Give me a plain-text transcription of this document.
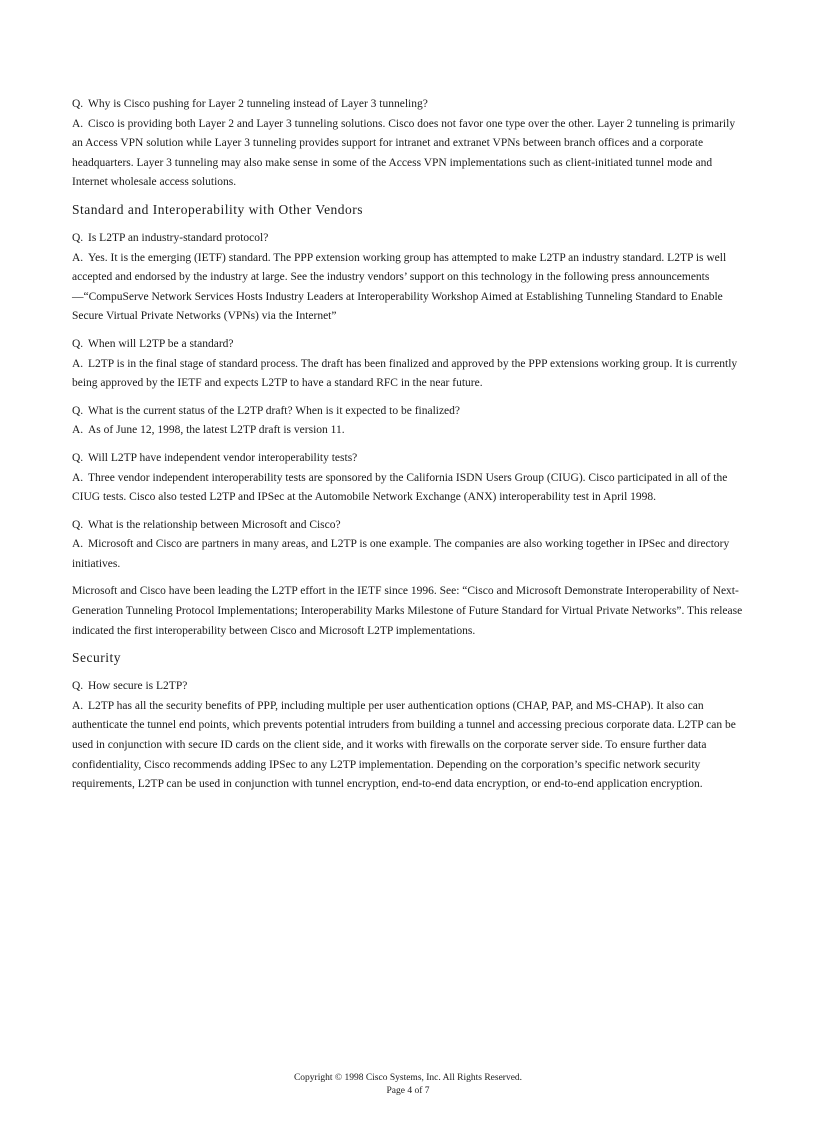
Q. Why is Cisco pushing for Layer 2 tunneling instead of Layer 3 tunneling?

A. Cisco is providing both Layer 2 and Layer 3 tunneling solutions. Cisco does not favor one type over the other. Layer 2 tunneling is primarily an Access VPN solution while Layer 3 tunneling provides support for intranet and extranet VPNs between branch offices and a corporate headquarters. Layer 3 tunneling may also make sense in some of the Access VPN implementations such as client-initiated tunnel mode and Internet wholesale access solutions.

Standard and Interoperability with Other Vendors

Q. Is L2TP an industry-standard protocol?

A. Yes. It is the emerging (IETF) standard. The PPP extension working group has attempted to make L2TP an industry standard. L2TP is well accepted and endorsed by the industry at large. See the industry vendors’ support on this technology in the following press announcements—“CompuServe Network Services Hosts Industry Leaders at Interoperability Workshop Aimed at Establishing Tunneling Standard to Enable Secure Virtual Private Networks (VPNs) via the Internet”

Q. When will L2TP be a standard?

A. L2TP is in the final stage of standard process. The draft has been finalized and approved by the PPP extensions working group. It is currently being approved by the IETF and expects L2TP to have a standard RFC in the near future.

Q. What is the current status of the L2TP draft? When is it expected to be finalized?

A. As of June 12, 1998, the latest L2TP draft is version 11.

Q. Will L2TP have independent vendor interoperability tests?

A. Three vendor independent interoperability tests are sponsored by the California ISDN Users Group (CIUG). Cisco participated in all of the CIUG tests. Cisco also tested L2TP and IPSec at the Automobile Network Exchange (ANX) interoperability test in April 1998.

Q. What is the relationship between Microsoft and Cisco?

A. Microsoft and Cisco are partners in many areas, and L2TP is one example. The companies are also working together in IPSec and directory initiatives.

Microsoft and Cisco have been leading the L2TP effort in the IETF since 1996. See: “Cisco and Microsoft Demonstrate Interoperability of Next-Generation Tunneling Protocol Implementations; Interoperability Marks Milestone of Future Standard for Virtual Private Networks”. This release indicated the first interoperability between Cisco and Microsoft L2TP implementations.

Security

Q. How secure is L2TP?

A. L2TP has all the security benefits of PPP, including multiple per user authentication options (CHAP, PAP, and MS-CHAP). It also can authenticate the tunnel end points, which prevents potential intruders from building a tunnel and accessing precious corporate data. L2TP can be used in conjunction with secure ID cards on the client side, and it works with firewalls on the corporate server side. To ensure further data confidentiality, Cisco recommends adding IPSec to any L2TP implementation. Depending on the corporation’s specific network security requirements, L2TP can be used in conjunction with tunnel encryption, end-to-end data encryption, or end-to-end application encryption.

Copyright © 1998 Cisco Systems, Inc. All Rights Reserved.
Page 4 of 7
